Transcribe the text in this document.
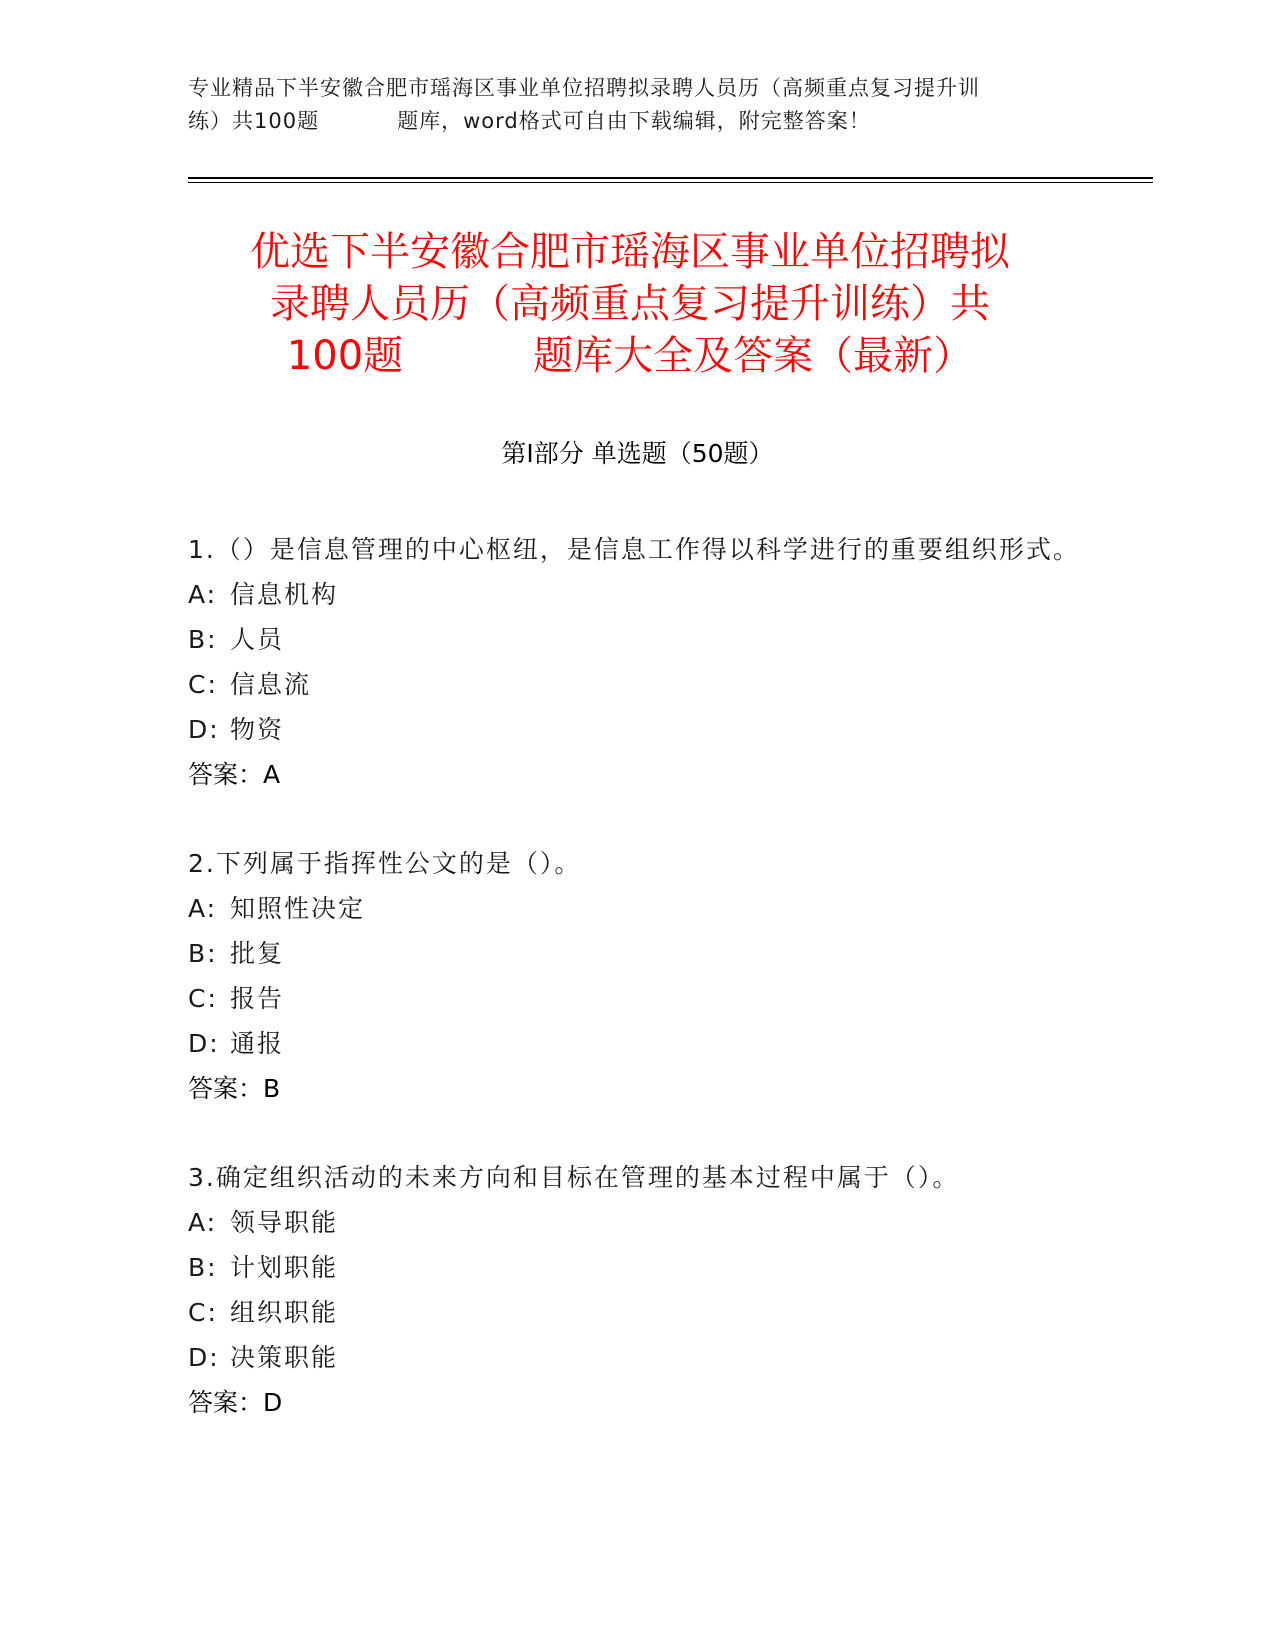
专业精品下半安徽合肥市瑶海区事业单位招聘拟录聘人员历（高频重点复习提升训
练）共100题	题库，word格式可自由下载编辑，附完整答案！
优选下半安徽合肥市瑶海区事业单位招聘拟
录聘人员历（高频重点复习提升训练）共
100题	题库大全及答案（最新）
第Ⅰ部分 单选题（50题）
1.（）是信息管理的中心枢纽，是信息工作得以科学进行的重要组织形式。
A: 信息机构
B: 人员
C: 信息流
D: 物资
答案：A
2.下列属于指挥性公文的是（）。
A: 知照性决定
B: 批复
C: 报告
D: 通报
答案：B
3.确定组织活动的未来方向和目标在管理的基本过程中属于（）。
A: 领导职能
B: 计划职能
C: 组织职能
D: 决策职能
答案：D
